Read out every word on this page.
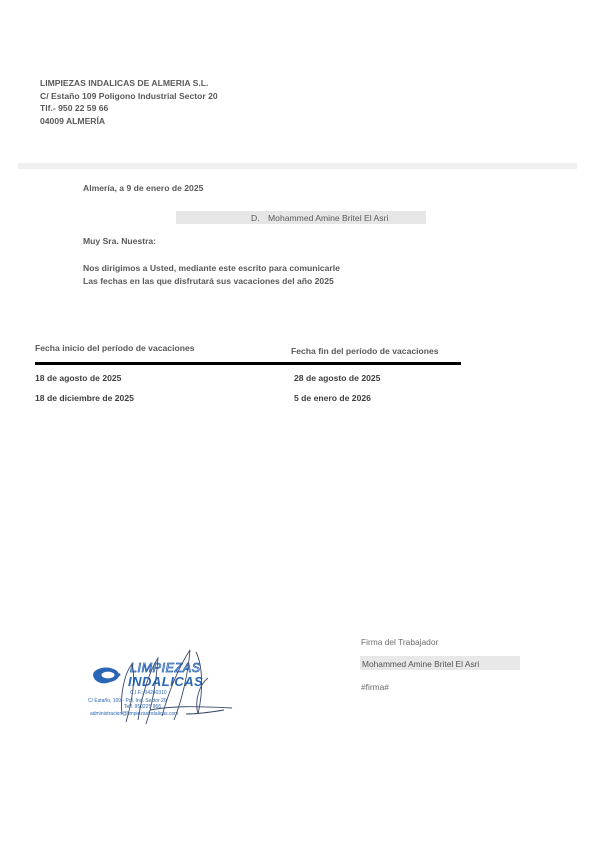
LIMPIEZAS INDALICAS DE ALMERIA S.L.
C/ Estaño 109 Poligono Industrial Sector 20
Tlf.- 950 22 59 66
04009 ALMERÍA
Almería, a 9 de enero de 2025
D. Mohammed Amine Britel El Asri
Muy Sra. Nuestra:
Nos dirigimos a Usted, mediante este escrito para comunicarle
Las fechas en las que disfrutará sus vacaciones del año 2025
Fecha inicio del período de vacaciones	Fecha fin del período de vacaciones
18 de agosto de 2025	28 de agosto de 2025
18 de diciembre de 2025	5 de enero de 2026
LIMPIEZAS
INDALICAS
C.I.F.: 04240310
C/ Estaño, 109 - Pol. Ind. Sector 20
Telf. 950225 966
administracion@limpiezasindalicas.com
Firma del Trabajador
Mohammed Amine Britel El Asri
#firma#
